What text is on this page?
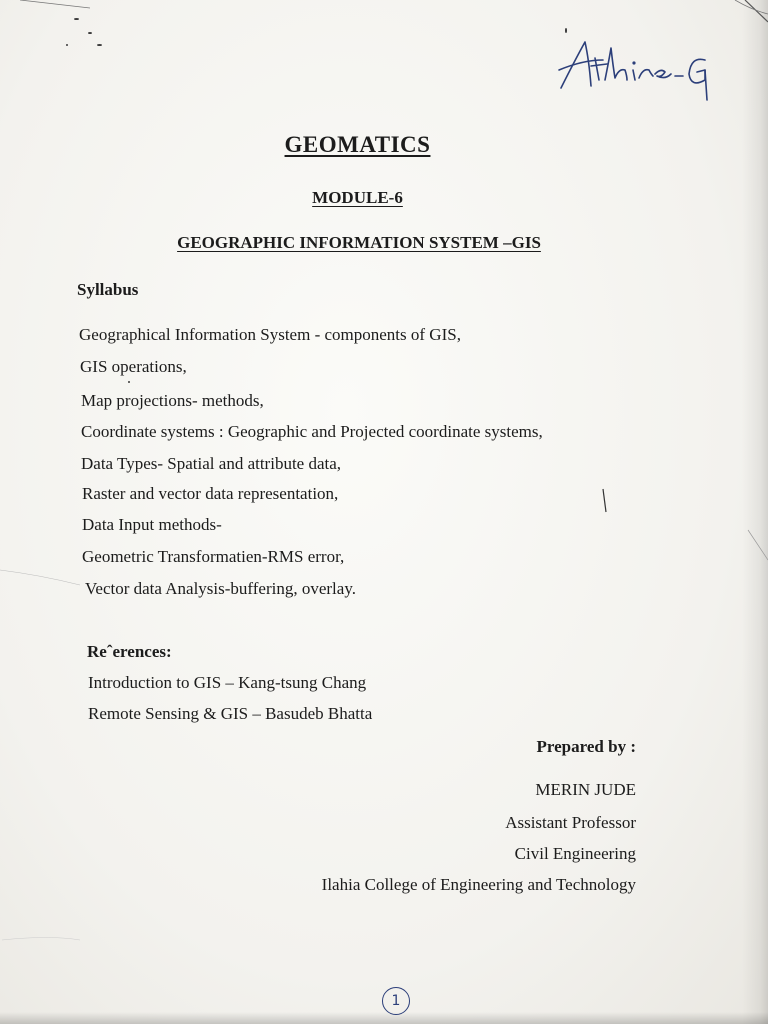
GEOMATICS
MODULE-6
GEOGRAPHIC INFORMATION SYSTEM –GIS
Syllabus
Geographical Information System - components of GIS,
GIS operations,
Map projections- methods,
Coordinate systems : Geographic and Projected coordinate systems,
Data Types- Spatial and attribute data,
Raster and vector data representation,
Data Input methods-
Geometric Transformatien-RMS error,
Vector data Analysis-buffering, overlay.
Reˆerences:
Introduction to GIS – Kang-tsung Chang
Remote Sensing & GIS – Basudeb Bhatta
Prepared by :
MERIN JUDE
Assistant Professor
Civil Engineering
Ilahia College of Engineering and Technology
1
